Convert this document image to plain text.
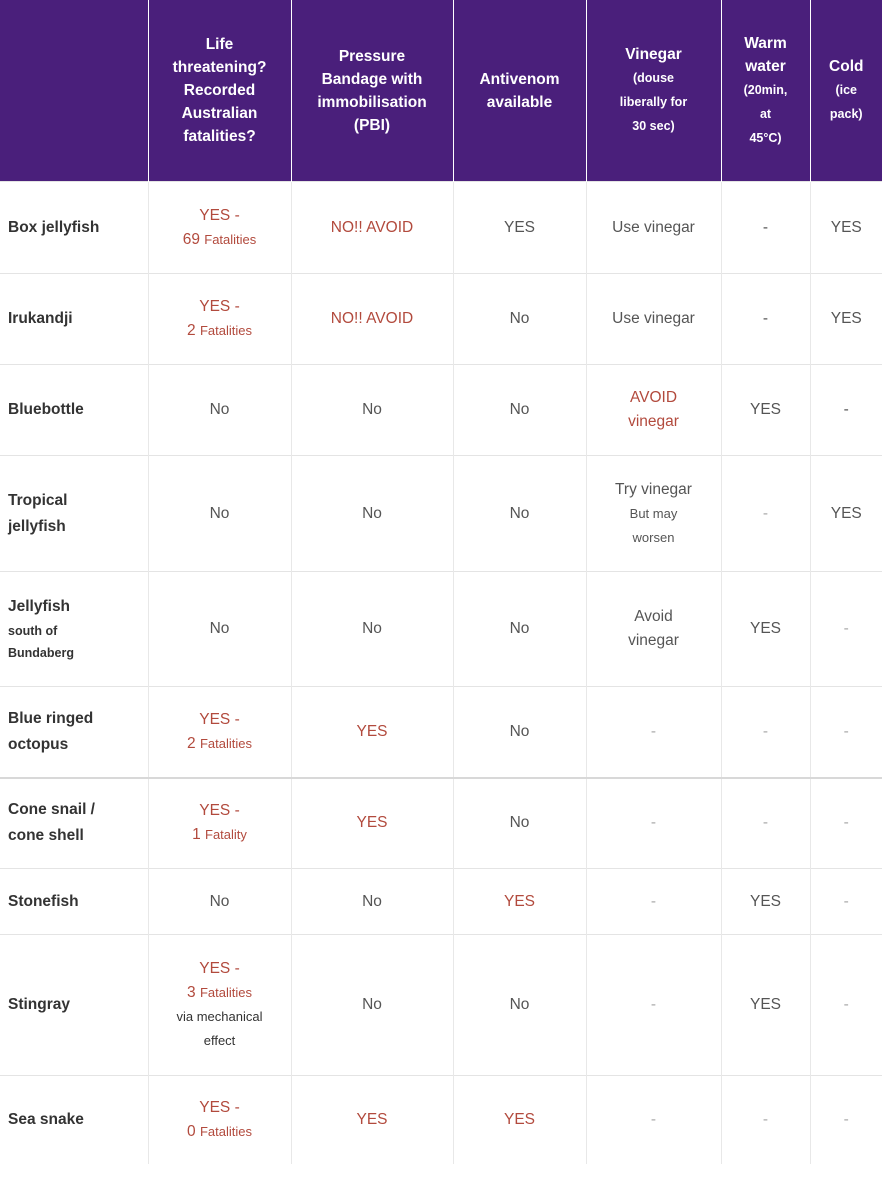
	Life
threatening?
Recorded
Australian
fatalities?	Pressure
Bandage with
immobilisation
(PBI)	Antivenom
available	Vinegar
(douse
liberally for
30 sec)	Warm
water
(20min,
at
45°C)	Cold
(ice
pack)

Box jellyfish	YES -
69 Fatalities	NO!! AVOID	YES	Use vinegar	-	YES
Irukandji	YES -
2 Fatalities	NO!! AVOID	No	Use vinegar	-	YES
Bluebottle	No	No	No	AVOID
vinegar	YES	-

Tropical
jellyfish	No	No	No	Try vinegar
But may
worsen	-	YES

Jellyfish
south of
Bundaberg	No	No	No	Avoid
vinegar	YES	-

Blue ringed
octopus	YES -
2 Fatalities	YES	No	-	-	-

Cone snail /
cone shell	YES -
1 Fatality	YES	No	-	-	-
Stonefish	No	No	YES	-	YES	-
Stingray	YES -
3 Fatalities
via mechanical
effect	No	No	-	YES	-
Sea snake	YES -
0 Fatalities	YES	YES	-	-	-
